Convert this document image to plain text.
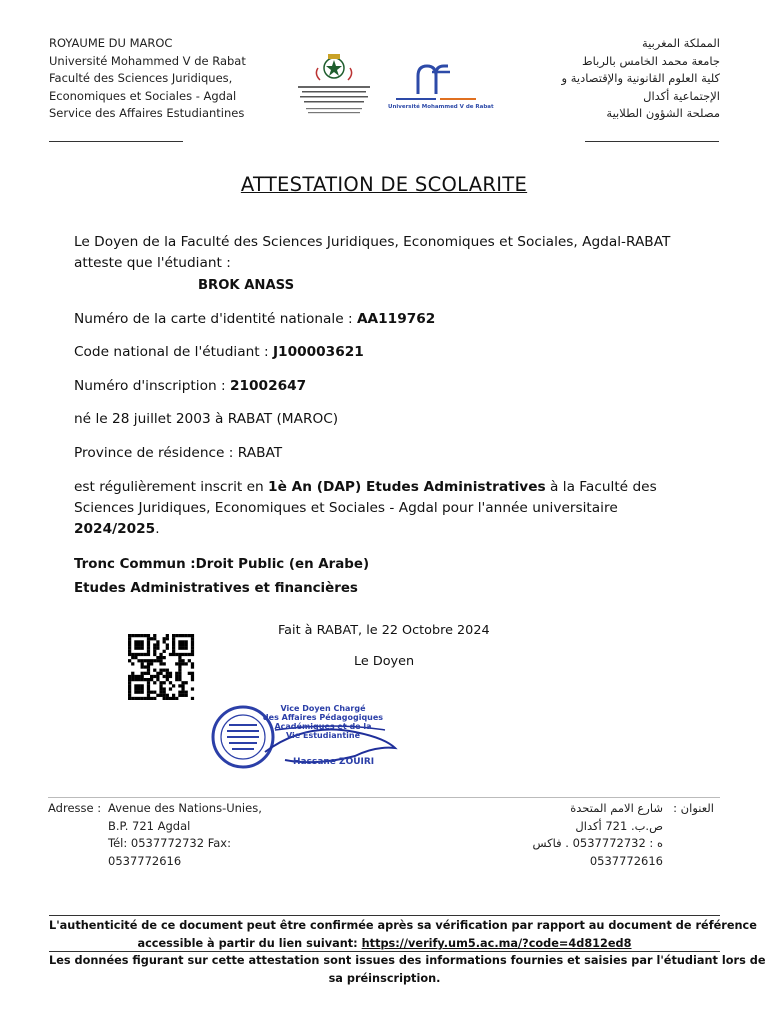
ROYAUME DU MAROC
Université Mohammed V de Rabat
Faculté des Sciences Juridiques,
Economiques et Sociales - Agdal
Service des Affaires Estudiantines
المملكة المغربية
جامعة محمد الخامس بالرباط
كلية العلوم القانونية والإقتصادية و
الإجتماعية أكدال
مصلحة الشؤون الطلابية
Université Mohammed V de Rabat
ATTESTATION DE SCOLARITE
Le Doyen de la Faculté des Sciences Juridiques, Economiques et Sociales, Agdal-RABAT
atteste que l'étudiant :
BROK ANASS
Numéro de la carte d'identité nationale : AA119762
Code national de l'étudiant : J100003621
Numéro d'inscription : 21002647
né le 28 juillet 2003 à RABAT (MAROC)
Province de résidence : RABAT
est régulièrement inscrit en 1è An (DAP) Etudes Administratives à la Faculté des
Sciences Juridiques, Economiques et Sociales - Agdal pour l'année universitaire
2024/2025.
Tronc Commun :Droit Public (en Arabe)
Etudes Administratives et financières
Fait à RABAT, le 22 Octobre 2024
Le Doyen
Vice Doyen Chargé
des Affaires Pédagogiques
Académiques et de la
Vie Estudiantine
Hassane ZOUIRI
Adresse : Avenue des Nations-Unies,
B.P. 721 Agdal
Tél: 0537772732 Fax:
0537772616
العنوان :
شارع الامم المتحدة
ص.ب. 721 أكدال
ه : 0537772732 . فاكس
0537772616
L'authenticité de ce document peut être confirmée après sa vérification par rapport au document de référence
accessible à partir du lien suivant: https://verify.um5.ac.ma/?code=4d812ed8
Les données figurant sur cette attestation sont issues des informations fournies et saisies par l'étudiant lors de
sa préinscription.
